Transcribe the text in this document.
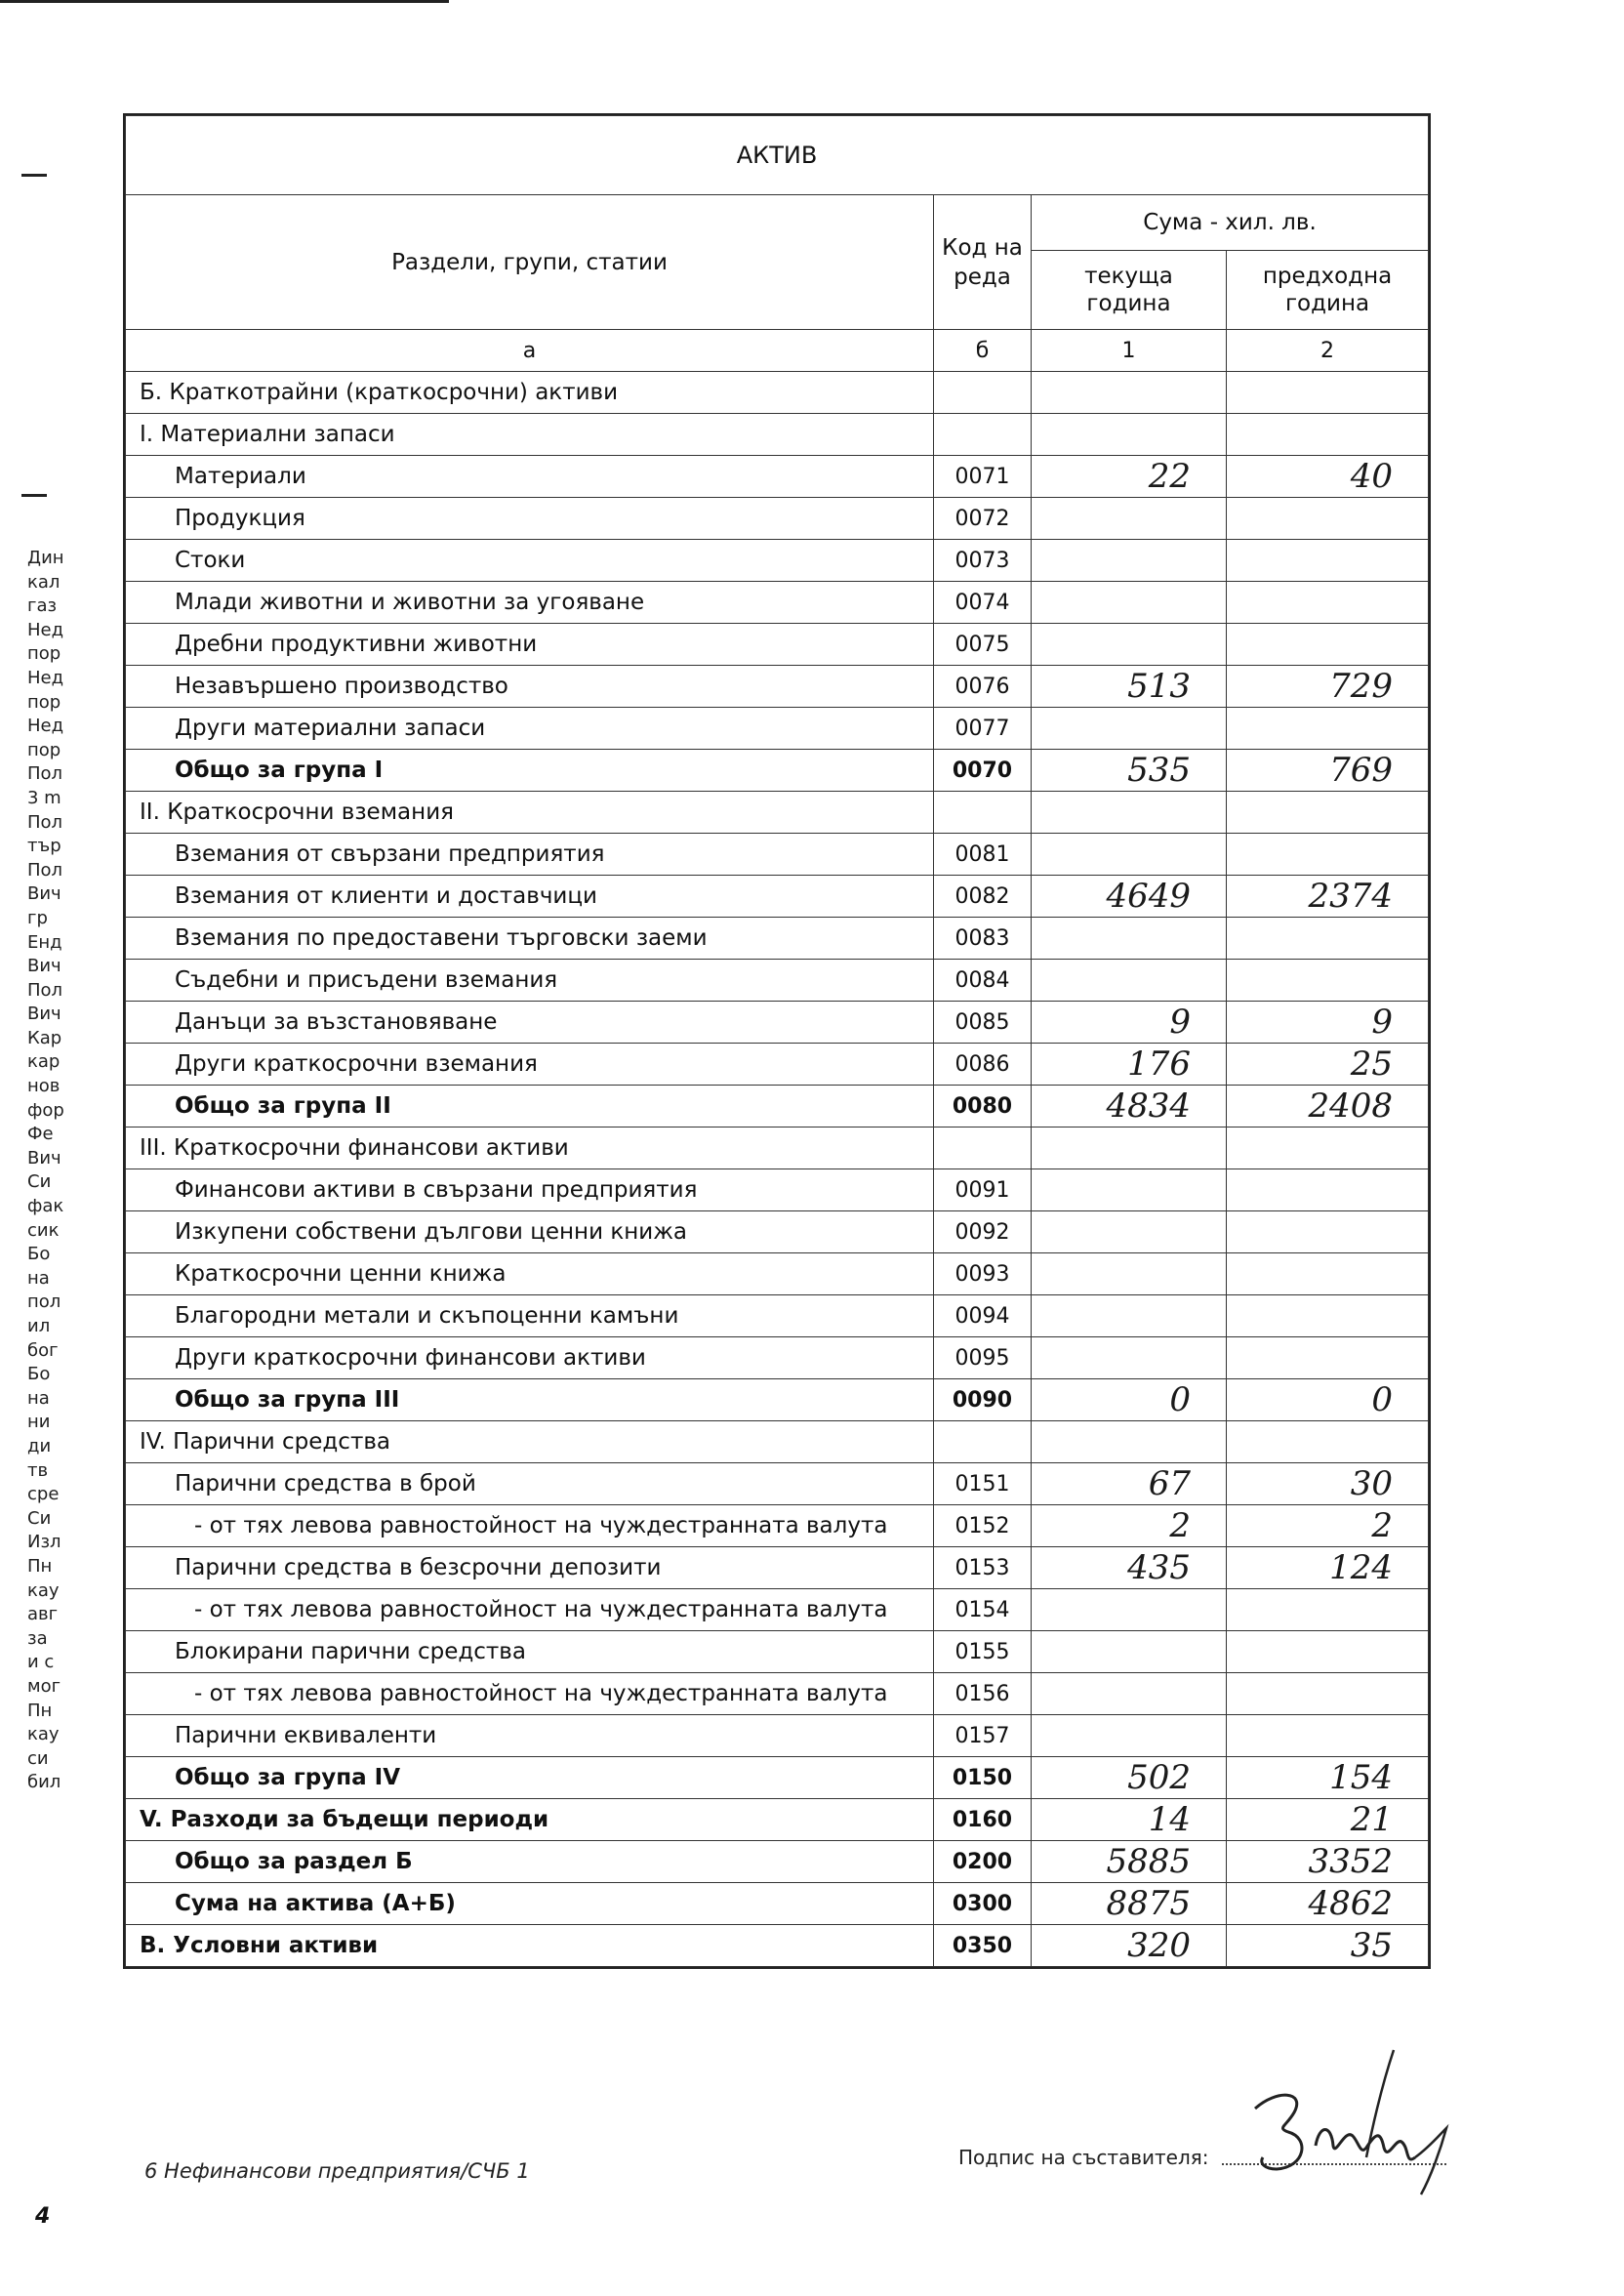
Дин
кал
газ
Нед
пор
Нед
пор
Нед
пор
Пол
3 m
Пол
тър
Пол
Вич
гр
Енд
Вич
Пол
Вич
Кар
кар
нов
фор
Фе
Вич
Си
фак
сик
Бо
на
пол
ил
бог
Бо
на
ни
ди
тв
сре
Си
Изл
Пн
кау
авг
за
и с
мог
Пн
кау
си
бил
АКТИВ			
Раздели, групи, статии	Код на реда	Сума - хил. лв.	
		текуща година	предходна година
а	б	1	2
Б. Краткотрайни (краткосрочни) активи			
I. Материални запаси			
Материали	0071	22	40
Продукция	0072		
Стоки	0073		
Млади животни и животни за угояване	0074		
Дребни продуктивни животни	0075		
Незавършено производство	0076	513	729
Други материални запаси	0077		
Общо за група I	0070	535	769
II. Краткосрочни вземания			
Вземания от свързани предприятия	0081		
Вземания от клиенти и доставчици	0082	4649	2374
Вземания по предоставени търговски заеми	0083		
Съдебни и присъдени вземания	0084		
Данъци за възстановяване	0085	9	9
Други краткосрочни вземания	0086	176	25
Общо за група II	0080	4834	2408
III. Краткосрочни финансови активи			
Финансови активи в свързани предприятия	0091		
Изкупени собствени дългови ценни книжа	0092		
Краткосрочни ценни книжа	0093		
Благородни метали и скъпоценни камъни	0094		
Други краткосрочни финансови активи	0095		
Общо за група III	0090	0	0
IV. Парични средства			
Парични средства в брой	0151	67	30
- от тях левова равностойност на чуждестранната валута	0152	2	2
Парични средства в безсрочни депозити	0153	435	124
- от тях левова равностойност на чуждестранната валута	0154		
Блокирани парични средства	0155		
- от тях левова равностойност на чуждестранната валута	0156		
Парични еквиваленти	0157		
Общо за група IV	0150	502	154
V. Разходи за бъдещи периоди	0160	14	21
Общо за раздел Б	0200	5885	3352
Сума на актива (А+Б)	0300	8875	4862
В. Условни активи	0350	320	35
6 Нефинансови предприятия/СЧБ 1
4
Подпис на съставителя:
